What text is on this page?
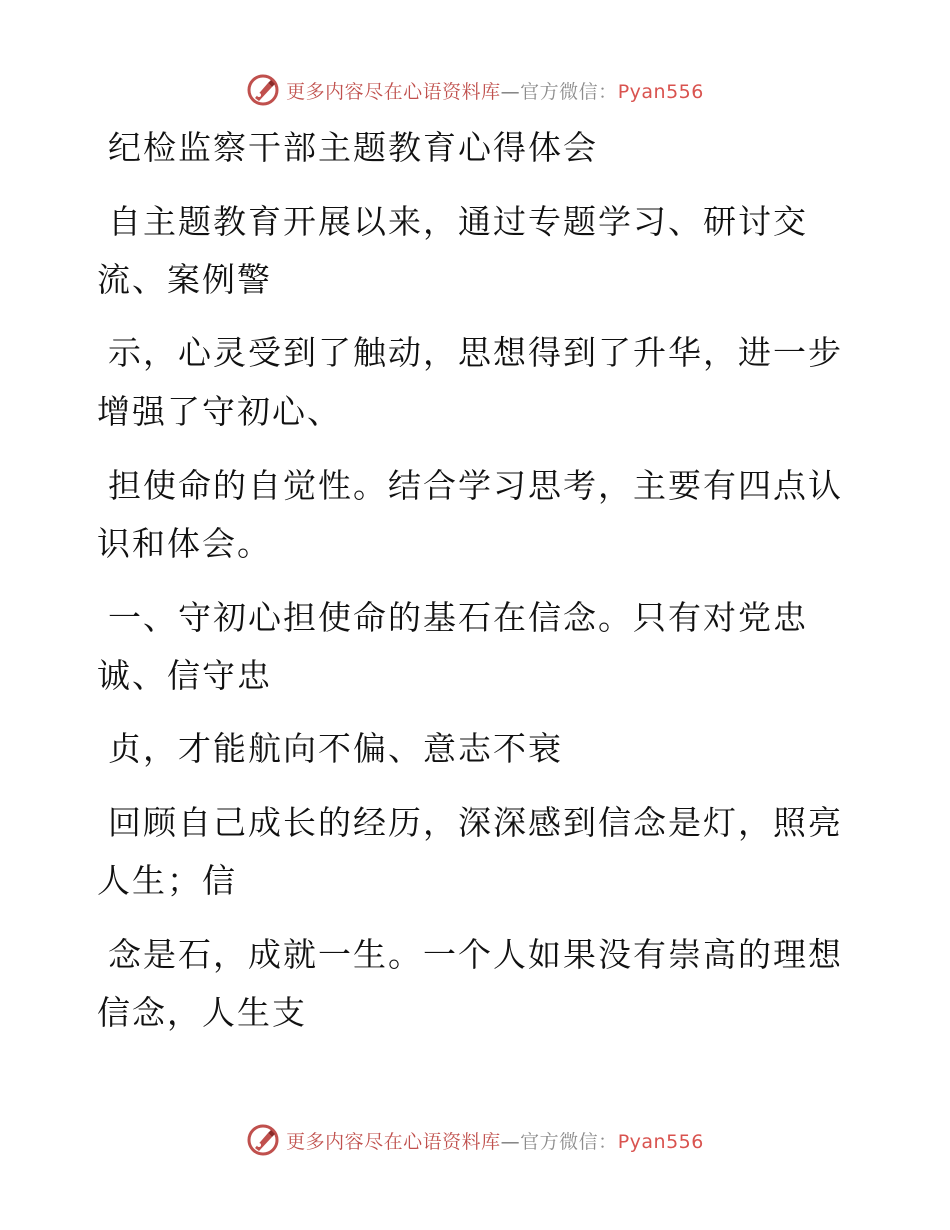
更多内容尽在心语资料库—官方微信：Pyan556
纪检监察干部主题教育心得体会
自主题教育开展以来，通过专题学习、研讨交
流、案例警
示，心灵受到了触动，思想得到了升华，进一步
增强了守初心、
担使命的自觉性。结合学习思考，主要有四点认
识和体会。
一、守初心担使命的基石在信念。只有对党忠
诚、信守忠
贞，才能航向不偏、意志不衰
回顾自己成长的经历，深深感到信念是灯，照亮
人生；信
念是石，成就一生。一个人如果没有崇高的理想
信念，人生支
更多内容尽在心语资料库—官方微信：Pyan556
